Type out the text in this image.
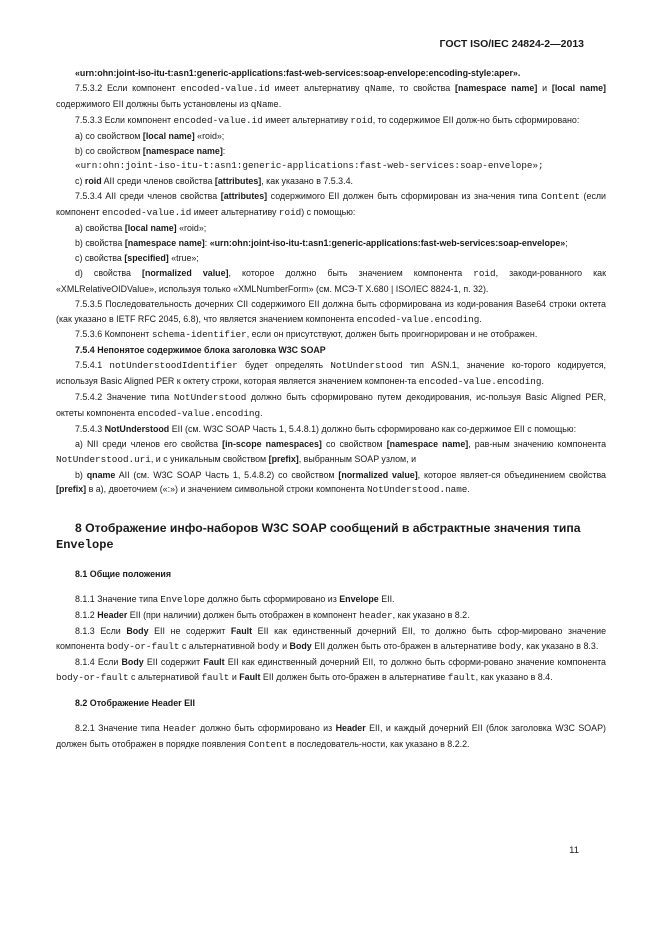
ГОСТ ISO/IEC 24824-2—2013

«urn:ohn:joint-iso-itu-t:asn1:generic-applications:fast-web-services:soap-envelope:encoding-style:aper».

7.5.3.2 Если компонент encoded-value.id имеет альтернативу qName, то свойства [namespace name] и [local name] содержимого EII должны быть установлены из qName.

7.5.3.3 Если компонент encoded-value.id имеет альтернативу roid, то содержимое EII долж-но быть сформировано:

а) со свойством [local name] «roid»;

b) со свойством [namespace name]:

«urn:ohn:joint-iso-itu-t:asn1:generic-applications:fast-web-services:soap-envelope»;

с) roid AII среди членов свойства [attributes], как указано в 7.5.3.4.

7.5.3.4 AII среди членов свойства [attributes] содержимого EII должен быть сформирован из зна-чения типа Content (если компонент encoded-value.id имеет альтернативу roid) с помощью:

а) свойства [local name] «roid»;

b) свойства [namespace name]: «urn:ohn:joint-iso-itu-t:asn1:generic-applications:fast-web-services:soap-envelope»;

с) свойства [specified] «true»;

d) свойства [normalized value], которое должно быть значением компонента roid, закоди-рованного как «XMLRelativeOIDValue», используя только «XMLNumberForm» (см. МСЭ-Т X.680 | ISO/IEC 8824-1, п. 32).

7.5.3.5 Последовательность дочерних CII содержимого EII должна быть сформирована из коди-рования Base64 строки октета (как указано в IETF RFC 2045, 6.8), что является значением компонента encoded-value.encoding.

7.5.3.6 Компонент schema-identifier, если он присутствуют, должен быть проигнорирован и не отображен.

7.5.4 Непонятое содержимое блока заголовка W3C SOAP

7.5.4.1 notUnderstoodIdentifier будет определять NotUnderstood тип ASN.1, значение ко-торого кодируется, используя Basic Aligned PER к октету строки, которая является значением компонен-та encoded-value.encoding.

7.5.4.2 Значение типа NotUnderstood должно быть сформировано путем декодирования, ис-пользуя Basic Aligned PER, октеты компонента encoded-value.encoding.

7.5.4.3 NotUnderstood EII (см. W3C SOAP Часть 1, 5.4.8.1) должно быть сформировано как со-держимое EII с помощью:

а) NII среди членов его свойства [in-scope namespaces] со свойством [namespace name], рав-ным значению компонента NotUnderstood.uri, и с уникальным свойством [prefix], выбранным SOAP узлом, и

b) qname AII (см. W3C SOAP Часть 1, 5.4.8.2) со свойством [normalized value], которое являет-ся объединением свойства [prefix] в а), двоеточием («:») и значением символьной строки компонента NotUnderstood.name.

8 Отображение инфо-наборов W3C SOAP сообщений в абстрактные значения типа Envelope

8.1 Общие положения

8.1.1 Значение типа Envelope должно быть сформировано из Envelope EII.

8.1.2 Header EII (при наличии) должен быть отображен в компонент header, как указано в 8.2.

8.1.3 Если Body EII не содержит Fault EII как единственный дочерний EII, то должно быть сфор-мировано значение компонента body-or-fault с альтернативной body и Body EII должен быть ото-бражен в альтернативе body, как указано в 8.3.

8.1.4 Если Body EII содержит Fault EII как единственный дочерний EII, то должно быть сформи-ровано значение компонента body-or-fault с альтернативой fault и Fault EII должен быть ото-бражен в альтернативе fault, как указано в 8.4.

8.2 Отображение Header EII

8.2.1 Значение типа Header должно быть сформировано из Header EII, и каждый дочерний EII (блок заголовка W3C SOAP) должен быть отображен в порядке появления Content в последователь-ности, как указано в 8.2.2.

11
